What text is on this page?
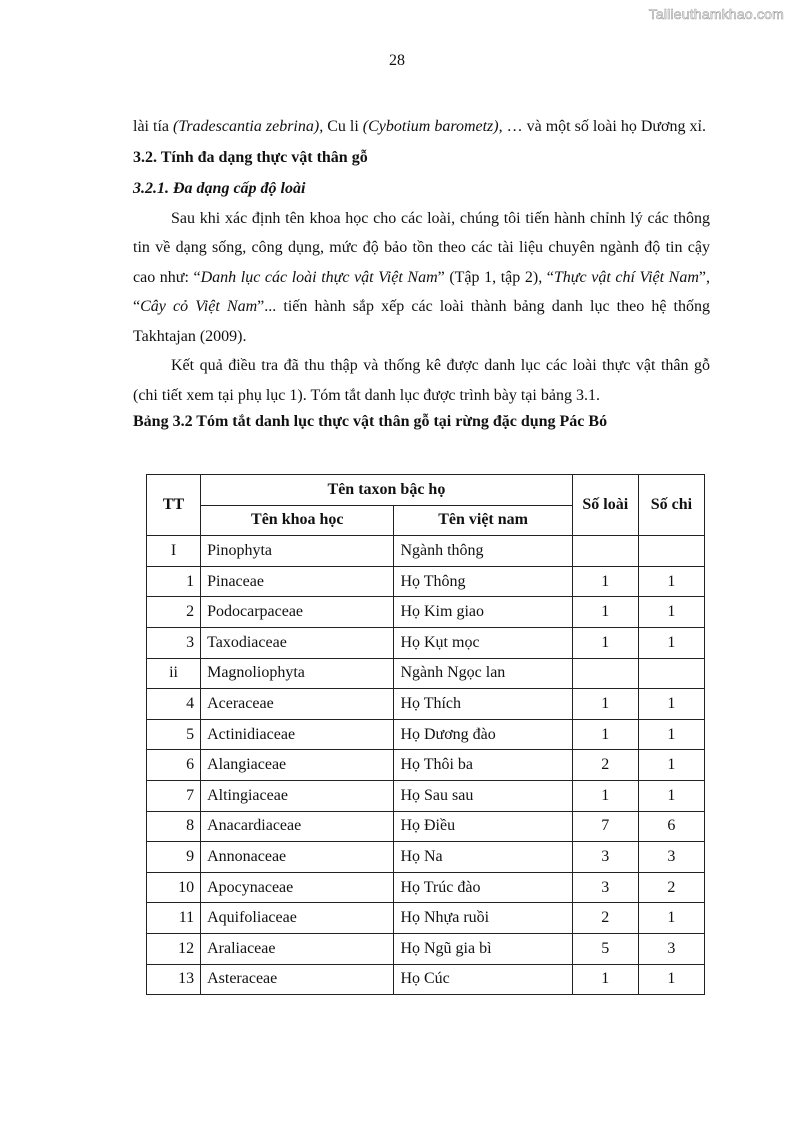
Tailieuthamkhao.com
28

lài tía (Tradescantia zebrina), Cu li (Cybotium barometz), … và một số loài họ Dương xỉ.

3.2. Tính đa dạng thực vật thân gỗ

3.2.1. Đa dạng cấp độ loài

Sau khi xác định tên khoa học cho các loài, chúng tôi tiến hành chỉnh lý các thông tin về dạng sống, công dụng, mức độ bảo tồn theo các tài liệu chuyên ngành độ tin cậy cao như: “Danh lục các loài thực vật Việt Nam” (Tập 1, tập 2), “Thực vật chí Việt Nam”, “Cây cỏ Việt Nam”... tiến hành sắp xếp các loài thành bảng danh lục theo hệ thống Takhtajan (2009).

Kết quả điều tra đã thu thập và thống kê được danh lục các loài thực vật thân gỗ (chi tiết xem tại phụ lục 1). Tóm tắt danh lục được trình bày tại bảng 3.1.

Bảng 3.2 Tóm tắt danh lục thực vật thân gỗ tại rừng đặc dụng Pác Bó

TT	Tên taxon bậc họ		Số loài	Số chi
	Tên khoa học	Tên việt nam		
I	Pinophyta	Ngành thông		
1	Pinaceae	Họ Thông	1	1
2	Podocarpaceae	Họ Kim giao	1	1
3	Taxodiaceae	Họ Kụt mọc	1	1
ii	Magnoliophyta	Ngành Ngọc lan		
4	Aceraceae	Họ Thích	1	1
5	Actinidiaceae	Họ Dương đào	1	1
6	Alangiaceae	Họ Thôi ba	2	1
7	Altingiaceae	Họ Sau sau	1	1
8	Anacardiaceae	Họ Điều	7	6
9	Annonaceae	Họ Na	3	3
10	Apocynaceae	Họ Trúc đào	3	2
11	Aquifoliaceae	Họ Nhựa ruồi	2	1
12	Araliaceae	Họ Ngũ gia bì	5	3
13	Asteraceae	Họ Cúc	1	1
